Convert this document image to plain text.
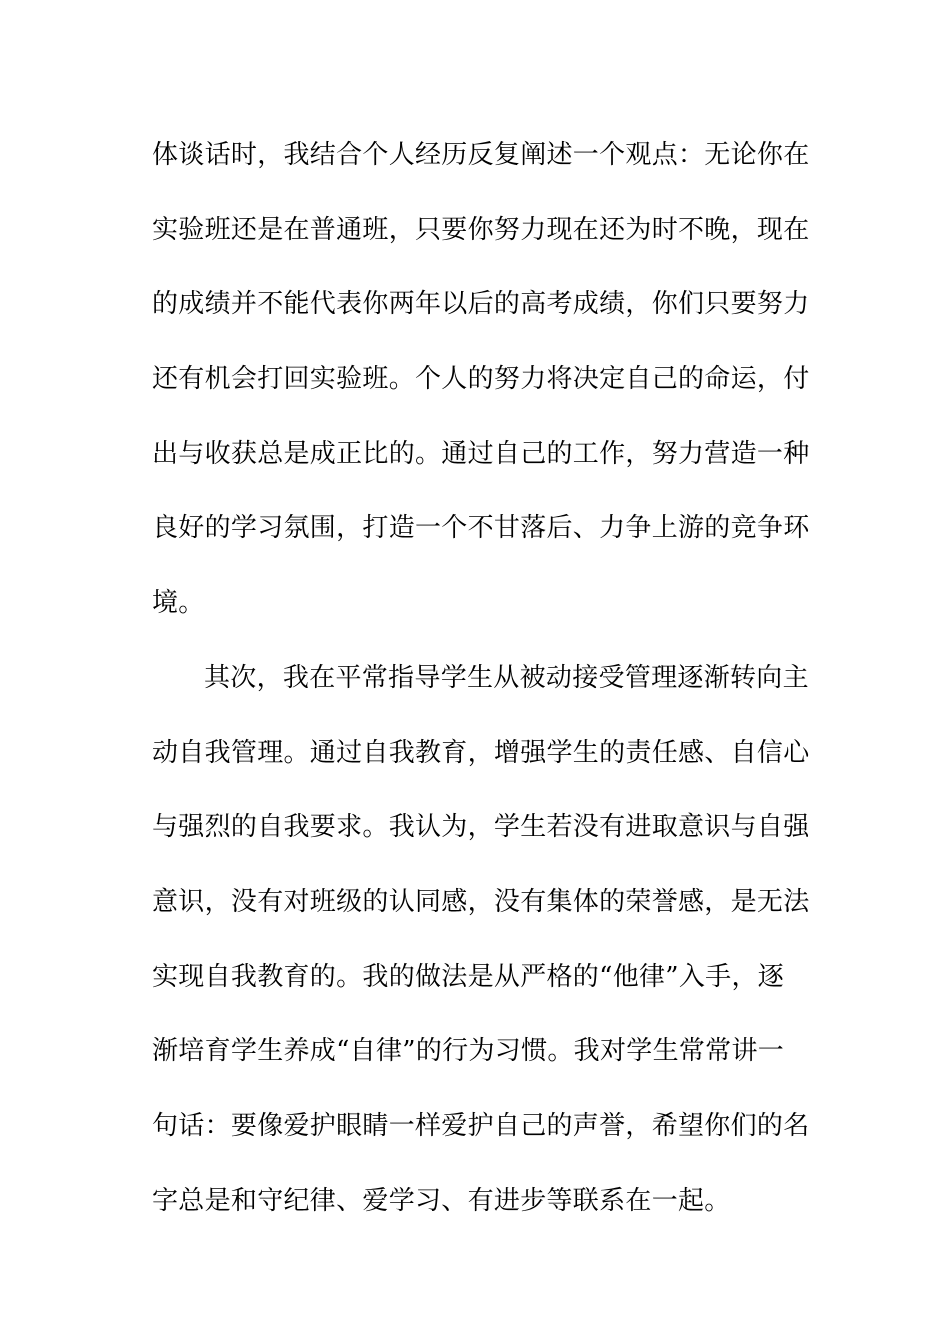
体谈话时，我结合个人经历反复阐述一个观点：无论你在
实验班还是在普通班，只要你努力现在还为时不晚，现在
的成绩并不能代表你两年以后的高考成绩，你们只要努力
还有机会打回实验班。个人的努力将决定自己的命运，付
出与收获总是成正比的。通过自己的工作，努力营造一种
良好的学习氛围，打造一个不甘落后、力争上游的竞争环
境。
其次，我在平常指导学生从被动接受管理逐渐转向主
动自我管理。通过自我教育，增强学生的责任感、自信心
与强烈的自我要求。我认为，学生若没有进取意识与自强
意识，没有对班级的认同感，没有集体的荣誉感，是无法
实现自我教育的。我的做法是从严格的“他律”入手，逐
渐培育学生养成“自律”的行为习惯。我对学生常常讲一
句话：要像爱护眼睛一样爱护自己的声誉，希望你们的名
字总是和守纪律、爱学习、有进步等联系在一起。
